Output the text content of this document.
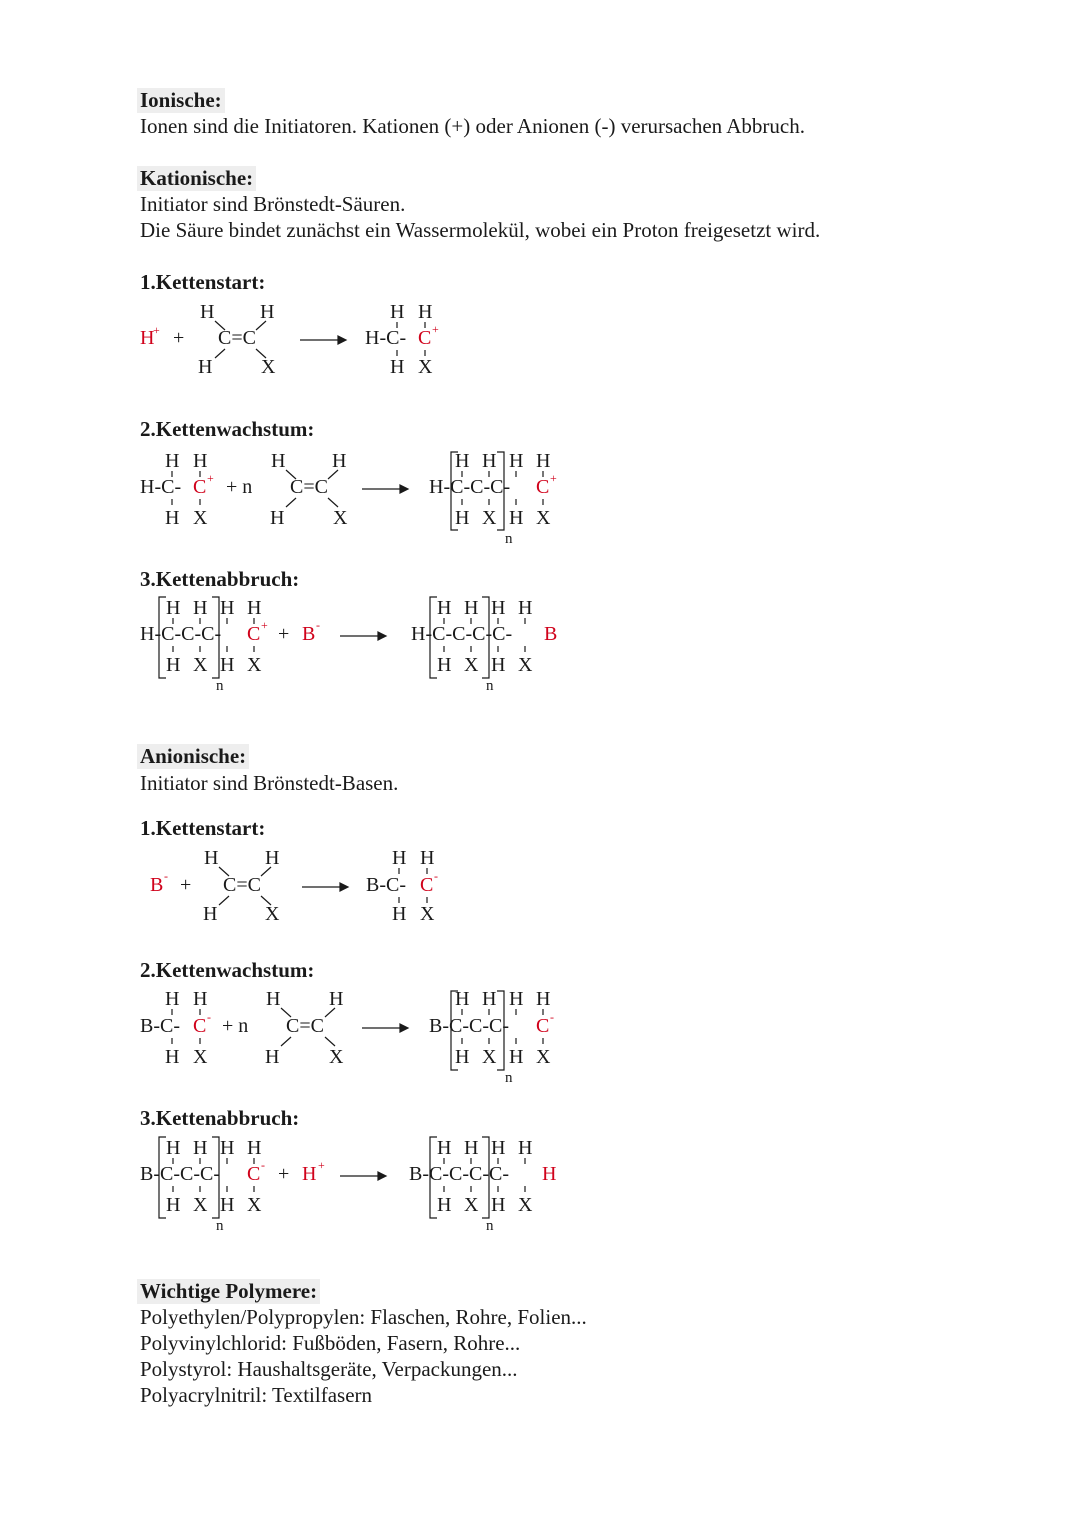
Ionische:
Ionen sind die Initiatoren. Kationen (+) oder Anionen (-) verursachen Abbruch.
Kationische:
Initiator sind Brönstedt-Säuren.
Die Säure bindet zunächst ein Wassermolekül, wobei ein Proton freigesetzt wird.
1.Kettenstart:
H
+ +
H H
C=C
H X
H H
H-C- C +
H X
H H
H-C- C +
H X
+ n
H H
C=C
H X
H H H H
H-C-C-C- C +
H X H X
n
H H H H
H-C-C-C- C +
H X H X
n
+ B -
H H H H
H-C-C-C-C- B
H X H X
n
B - +
H H
C=C
H X
H H
B-C- C -
H X
H H
B-C- C -
H X
+ n
H H
C=C
H X
H H H H
B-C-C-C- C -
H X H X
n
H H H H
B-C-C-C- C -
H X H X
n
+ H +
H H H H
B-C-C-C-C- H
H X H X
n
2.Kettenwachstum:
3.Kettenabbruch:
Anionische:
Initiator sind Brönstedt-Basen.
1.Kettenstart:
2.Kettenwachstum:
3.Kettenabbruch:
Wichtige Polymere:
Polyethylen/Polypropylen: Flaschen, Rohre, Folien...
Polyvinylchlorid: Fußböden, Fasern, Rohre...
Polystyrol: Haushaltsgeräte, Verpackungen...
Polyacrylnitril: Textilfasern
